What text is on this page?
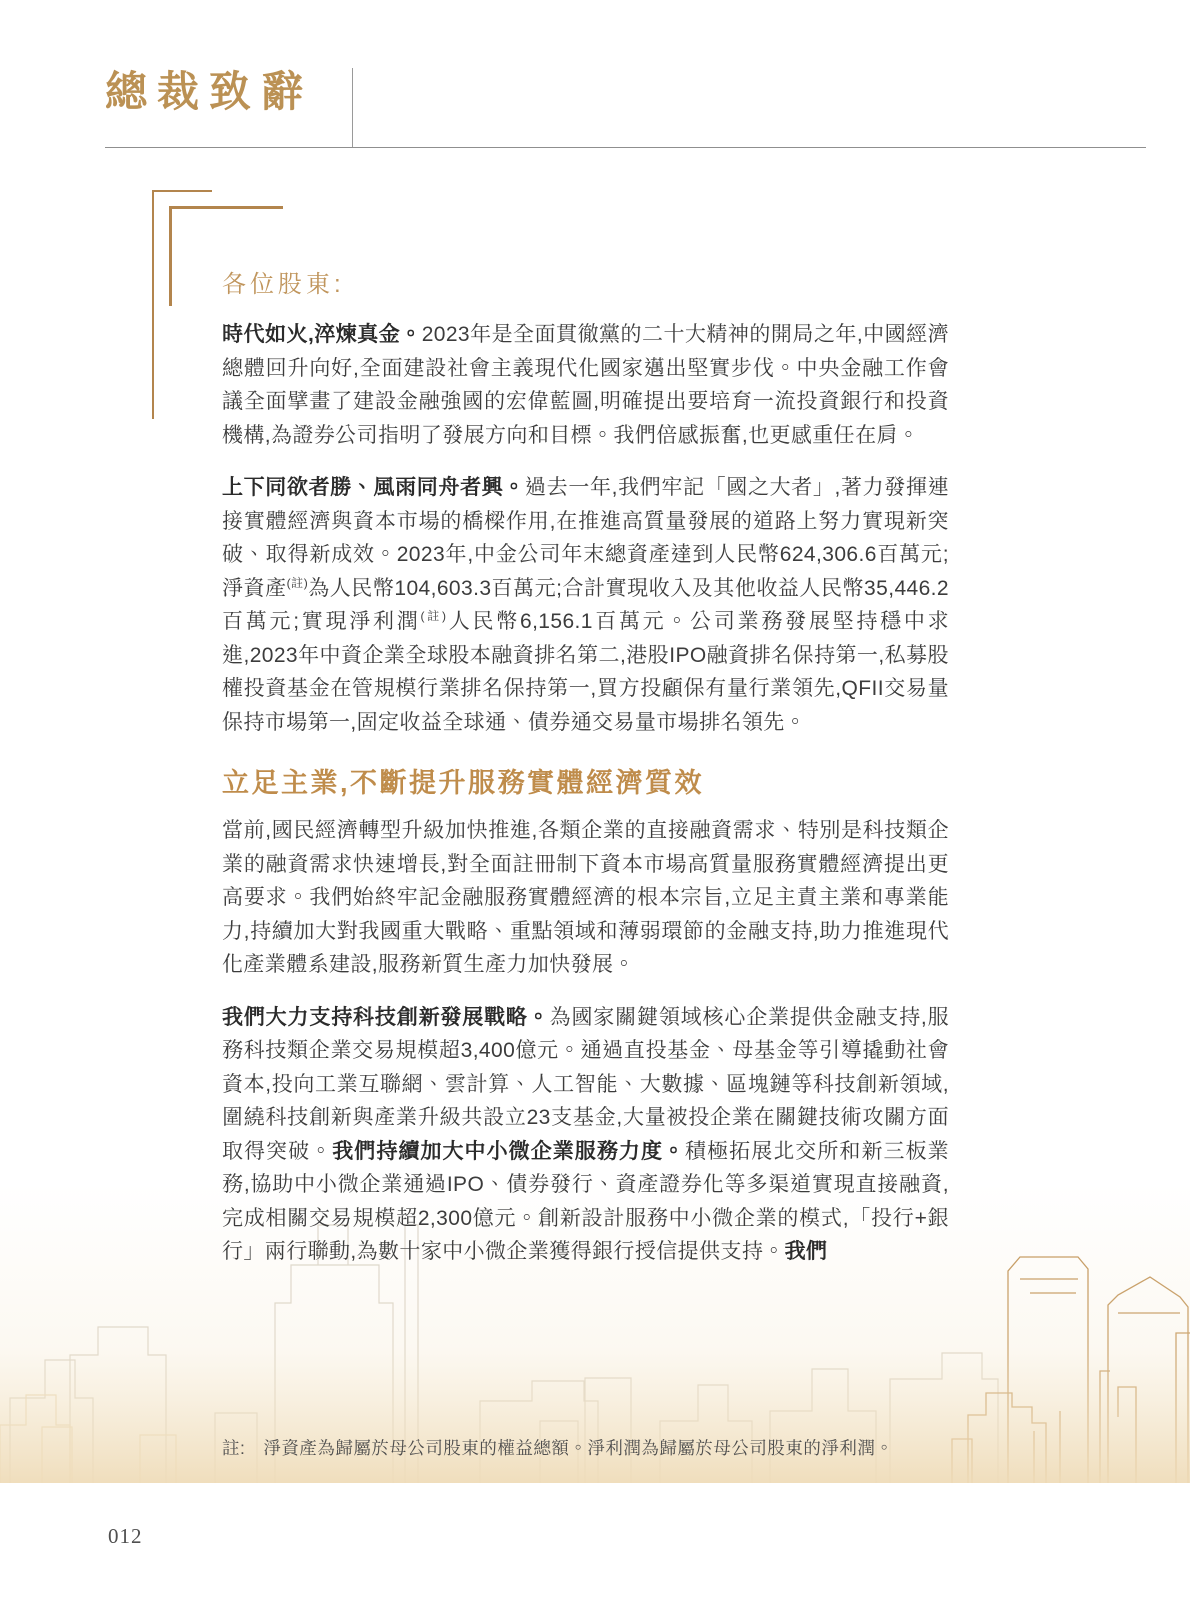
總裁致辭
各位股東:

時代如火,淬煉真金。2023年是全面貫徹黨的二十大精神的開局之年,中國經濟總體回升向好,全面建設社會主義現代化國家邁出堅實步伐。中央金融工作會議全面擘畫了建設金融強國的宏偉藍圖,明確提出要培育一流投資銀行和投資機構,為證券公司指明了發展方向和目標。我們倍感振奮,也更感重任在肩。

上下同欲者勝、風雨同舟者興。過去一年,我們牢記「國之大者」,著力發揮連接實體經濟與資本市場的橋樑作用,在推進高質量發展的道路上努力實現新突破、取得新成效。2023年,中金公司年末總資產達到人民幣624,306.6百萬元;淨資產$^{(註)}$為人民幣104,603.3百萬元;合計實現收入及其他收益人民幣35,446.2百萬元;實現淨利潤$^{(註)}$人民幣6,156.1百萬元。公司業務發展堅持穩中求進,2023年中資企業全球股本融資排名第二,港股IPO融資排名保持第一,私募股權投資基金在管規模行業排名保持第一,買方投顧保有量行業領先,QFII交易量保持市場第一,固定收益全球通、債券通交易量市場排名領先。

立足主業,不斷提升服務實體經濟質效

當前,國民經濟轉型升級加快推進,各類企業的直接融資需求、特別是科技類企業的融資需求快速增長,對全面註冊制下資本市場高質量服務實體經濟提出更高要求。我們始終牢記金融服務實體經濟的根本宗旨,立足主責主業和專業能力,持續加大對我國重大戰略、重點領域和薄弱環節的金融支持,助力推進現代化產業體系建設,服務新質生產力加快發展。

我們大力支持科技創新發展戰略。為國家關鍵領域核心企業提供金融支持,服務科技類企業交易規模超3,400億元。通過直投基金、母基金等引導撬動社會資本,投向工業互聯網、雲計算、人工智能、大數據、區塊鏈等科技創新領域,圍繞科技創新與產業升級共設立23支基金,大量被投企業在關鍵技術攻關方面取得突破。我們持續加大中小微企業服務力度。積極拓展北交所和新三板業務,協助中小微企業通過IPO、債券發行、資產證券化等多渠道實現直接融資,完成相關交易規模超2,300億元。創新設計服務中小微企業的模式,「投行+銀行」兩行聯動,為數十家中小微企業獲得銀行授信提供支持。我們

註: 淨資產為歸屬於母公司股東的權益總額。淨利潤為歸屬於母公司股東的淨利潤。
012
